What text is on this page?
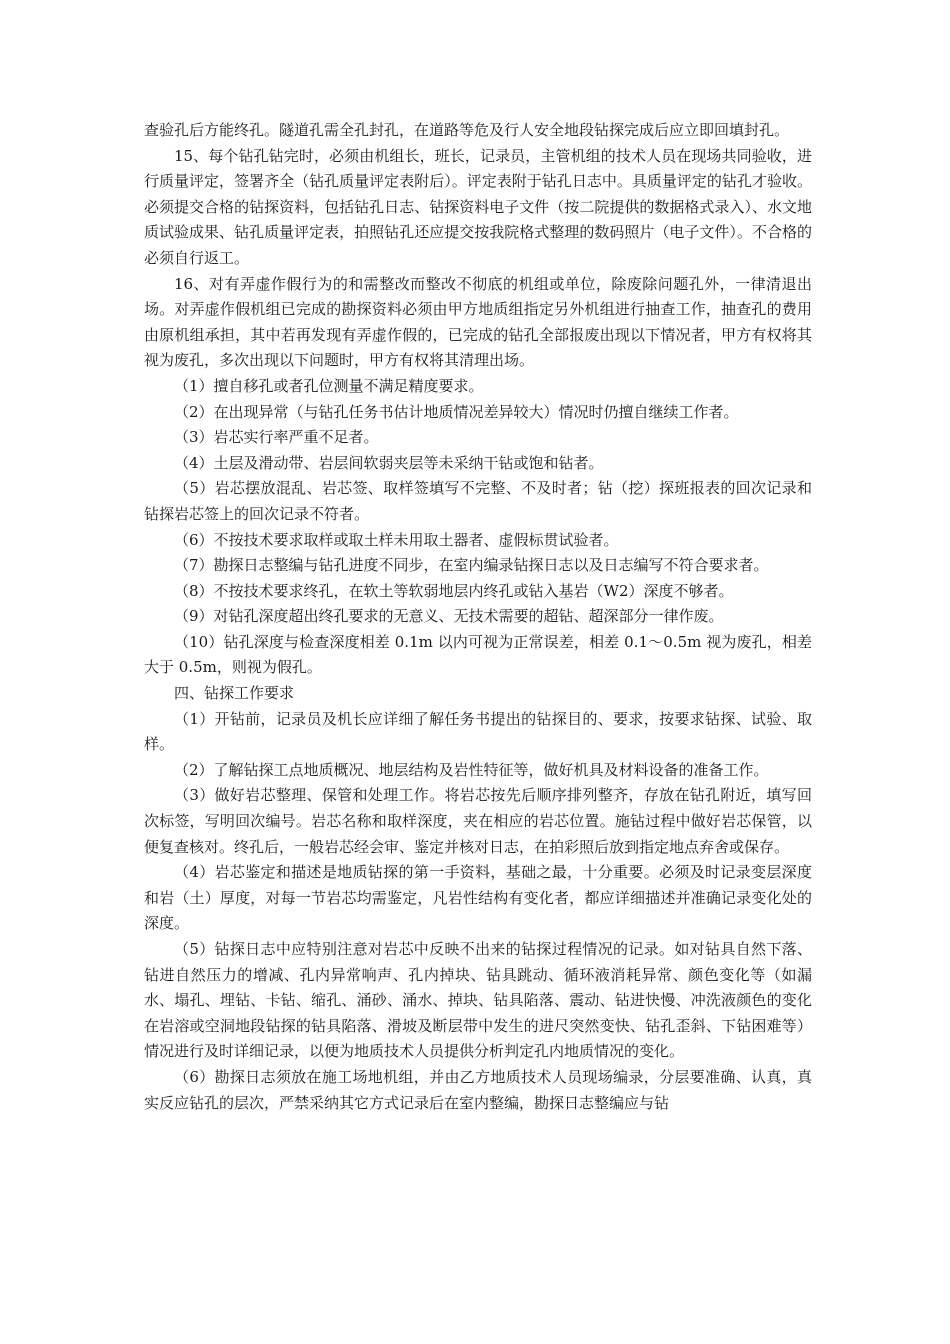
查验孔后方能终孔。隧道孔需全孔封孔，在道路等危及行人安全地段钻探完成后应立即回填封孔。

15、每个钻孔钻完时，必须由机组长，班长，记录员，主管机组的技术人员在现场共同验收，进行质量评定，签署齐全（钻孔质量评定表附后）。评定表附于钻孔日志中。具质量评定的钻孔才验收。必须提交合格的钻探资料，包括钻孔日志、钻探资料电子文件（按二院提供的数据格式录入）、水文地质试验成果、钻孔质量评定表，拍照钻孔还应提交按我院格式整理的数码照片（电子文件）。不合格的必须自行返工。

16、对有弄虚作假行为的和需整改而整改不彻底的机组或单位，除废除问题孔外，一律清退出场。对弄虚作假机组已完成的勘探资料必须由甲方地质组指定另外机组进行抽查工作，抽查孔的费用由原机组承担，其中若再发现有弄虚作假的，已完成的钻孔全部报废出现以下情况者，甲方有权将其视为废孔，多次出现以下问题时，甲方有权将其清理出场。

（1）擅自移孔或者孔位测量不满足精度要求。

（2）在出现异常（与钻孔任务书估计地质情况差异较大）情况时仍擅自继续工作者。

（3）岩芯实行率严重不足者。

（4）土层及滑动带、岩层间软弱夹层等未采纳干钻或饱和钻者。

（5）岩芯摆放混乱、岩芯签、取样签填写不完整、不及时者；钻（挖）探班报表的回次记录和钻探岩芯签上的回次记录不符者。

（6）不按技术要求取样或取土样未用取土器者、虚假标贯试验者。

（7）勘探日志整编与钻孔进度不同步，在室内编录钻探日志以及日志编写不符合要求者。

（8）不按技术要求终孔，在软土等软弱地层内终孔或钻入基岩（W2）深度不够者。

（9）对钻孔深度超出终孔要求的无意义、无技术需要的超钻、超深部分一律作废。

（10）钻孔深度与检查深度相差 0.1m 以内可视为正常误差，相差 0.1～0.5m 视为废孔，相差大于 0.5m，则视为假孔。

四、钻探工作要求

（1）开钻前，记录员及机长应详细了解任务书提出的钻探目的、要求，按要求钻探、试验、取样。

（2）了解钻探工点地质概况、地层结构及岩性特征等，做好机具及材料设备的准备工作。

（3）做好岩芯整理、保管和处理工作。将岩芯按先后顺序排列整齐，存放在钻孔附近，填写回次标签，写明回次编号。岩芯名称和取样深度，夹在相应的岩芯位置。施钻过程中做好岩芯保管，以便复查核对。终孔后，一般岩芯经会审、鉴定并核对日志，在拍彩照后放到指定地点弃舍或保存。

（4）岩芯鉴定和描述是地质钻探的第一手资料，基础之最，十分重要。必须及时记录变层深度和岩（土）厚度，对每一节岩芯均需鉴定，凡岩性结构有变化者，都应详细描述并准确记录变化处的深度。

（5）钻探日志中应特别注意对岩芯中反映不出来的钻探过程情况的记录。如对钻具自然下落、钻进自然压力的增减、孔内异常响声、孔内掉块、钻具跳动、循环液消耗异常、颜色变化等（如漏水、塌孔、埋钻、卡钻、缩孔、涌砂、涌水、掉块、钻具陷落、震动、钻进快慢、冲洗液颜色的变化在岩溶或空洞地段钻探的钻具陷落、滑坡及断层带中发生的进尺突然变快、钻孔歪斜、下钻困难等）情况进行及时详细记录，以便为地质技术人员提供分析判定孔内地质情况的变化。

（6）勘探日志须放在施工场地机组，并由乙方地质技术人员现场编录，分层要准确、认真，真实反应钻孔的层次，严禁采纳其它方式记录后在室内整编，勘探日志整编应与钻
